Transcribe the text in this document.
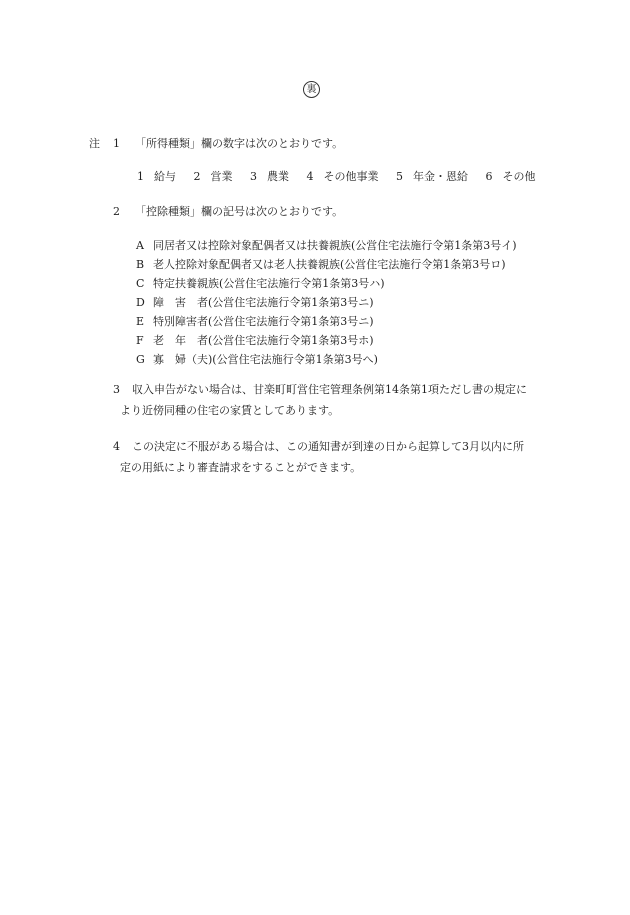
裏
注 1 「所得種類」欄の数字は次のとおりです。
1 給与 2 営業 3 農業 4 その他事業 5 年金・恩給 6 その他
2 「控除種類」欄の記号は次のとおりです。
A 同居者又は控除対象配偶者又は扶養親族(公営住宅法施行令第1条第3号イ)
B 老人控除対象配偶者又は老人扶養親族(公営住宅法施行令第1条第3号ロ)
C 特定扶養親族(公営住宅法施行令第1条第3号ハ)
D 障　害　者(公営住宅法施行令第1条第3号ニ)
E 特別障害者(公営住宅法施行令第1条第3号ニ)
F 老　年　者(公営住宅法施行令第1条第3号ホ)
G 寡　婦（夫)(公営住宅法施行令第1条第3号へ)
3 収入申告がない場合は、甘楽町町営住宅管理条例第14条第1項ただし書の規定に
より近傍同種の住宅の家賃としてあります。
4 この決定に不服がある場合は、この通知書が到達の日から起算して3月以内に所
定の用紙により審査請求をすることができます。
